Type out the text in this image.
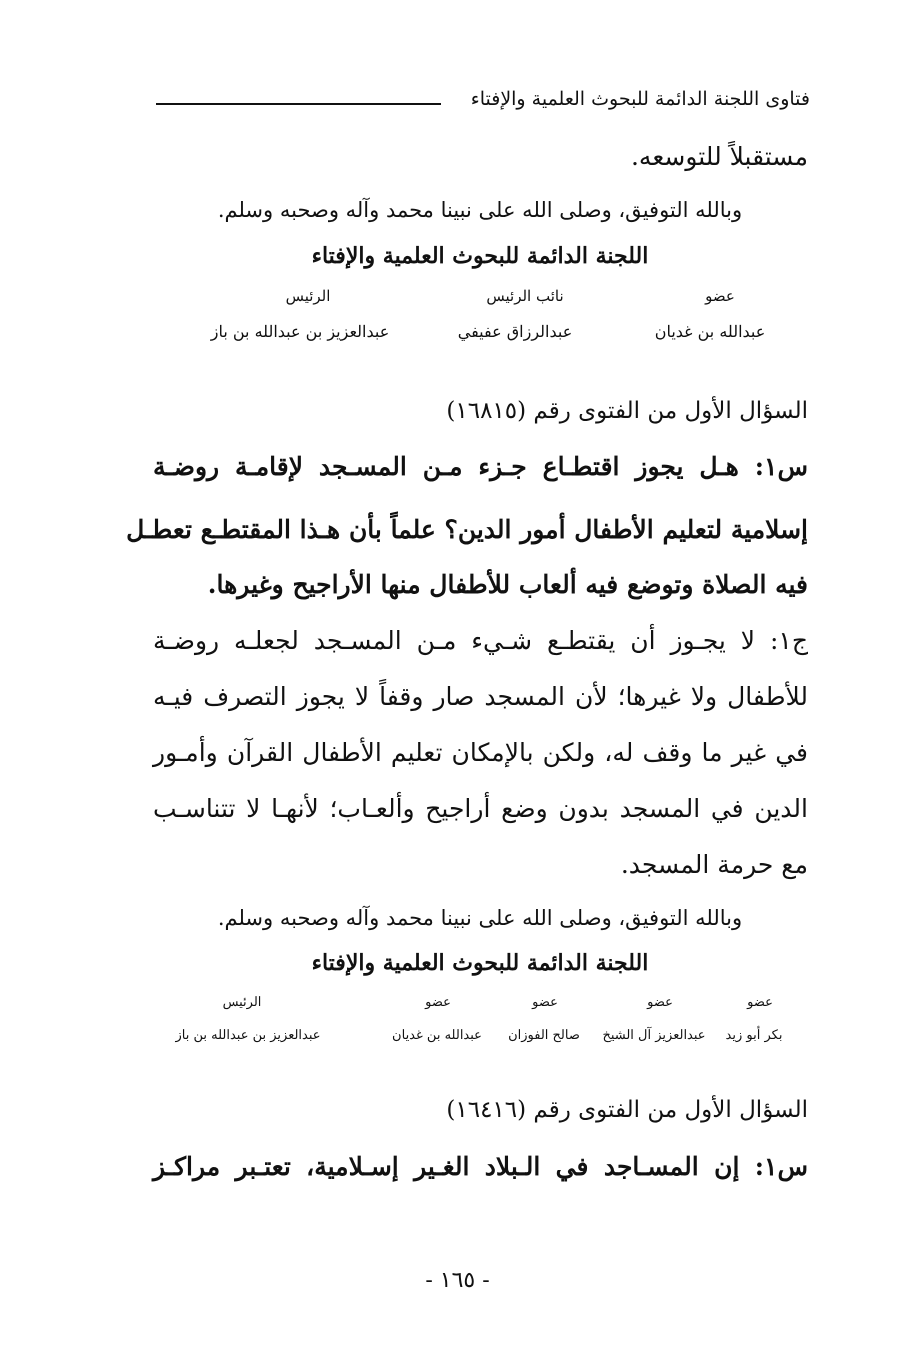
فتاوى اللجنة الدائمة للبحوث العلمية والإفتاء
مستقبلاً للتوسعه.
وبالله التوفيق، وصلى الله على نبينا محمد وآله وصحبه وسلم.
اللجنة الدائمة للبحوث العلمية والإفتاء
عضو
نائب الرئيس
الرئيس
عبدالله بن غديان
عبدالرزاق عفيفي
عبدالعزيز بن عبدالله بن باز
السؤال الأول من الفتوى رقم (١٦٨١٥)
س١: هـل يجوز اقتطـاع جـزء مـن المسـجد لإقامـة روضـة
إسلامية لتعليم الأطفال أمور الدين؟ علماً بأن هـذا المقتطـع تعطـل
فيه الصلاة وتوضع فيه ألعاب للأطفال منها الأراجيح وغيرها.
ج١: لا يجـوز أن يقتطـع شـيء مـن المسـجد لجعلـه روضـة
للأطفال ولا غيرها؛ لأن المسجد صار وقفاً لا يجوز التصرف فيـه
في غير ما وقف له، ولكن بالإمكان تعليم الأطفال القرآن وأمـور
الدين في المسجد بدون وضع أراجيح وألعـاب؛ لأنهـا لا تتناسـب
مع حرمة المسجد.
وبالله التوفيق، وصلى الله على نبينا محمد وآله وصحبه وسلم.
اللجنة الدائمة للبحوث العلمية والإفتاء
عضو
عضو
عضو
عضو
الرئيس
بكر أبو زيد
عبدالعزيز آل الشيخ
صالح الفوزان
عبدالله بن غديان
عبدالعزيز بن عبدالله بن باز
السؤال الأول من الفتوى رقم (١٦٤١٦)
س١: إن المسـاجد في الـبلاد الغـير إسـلامية، تعتـبر مراكـز
- ١٦٥ -
